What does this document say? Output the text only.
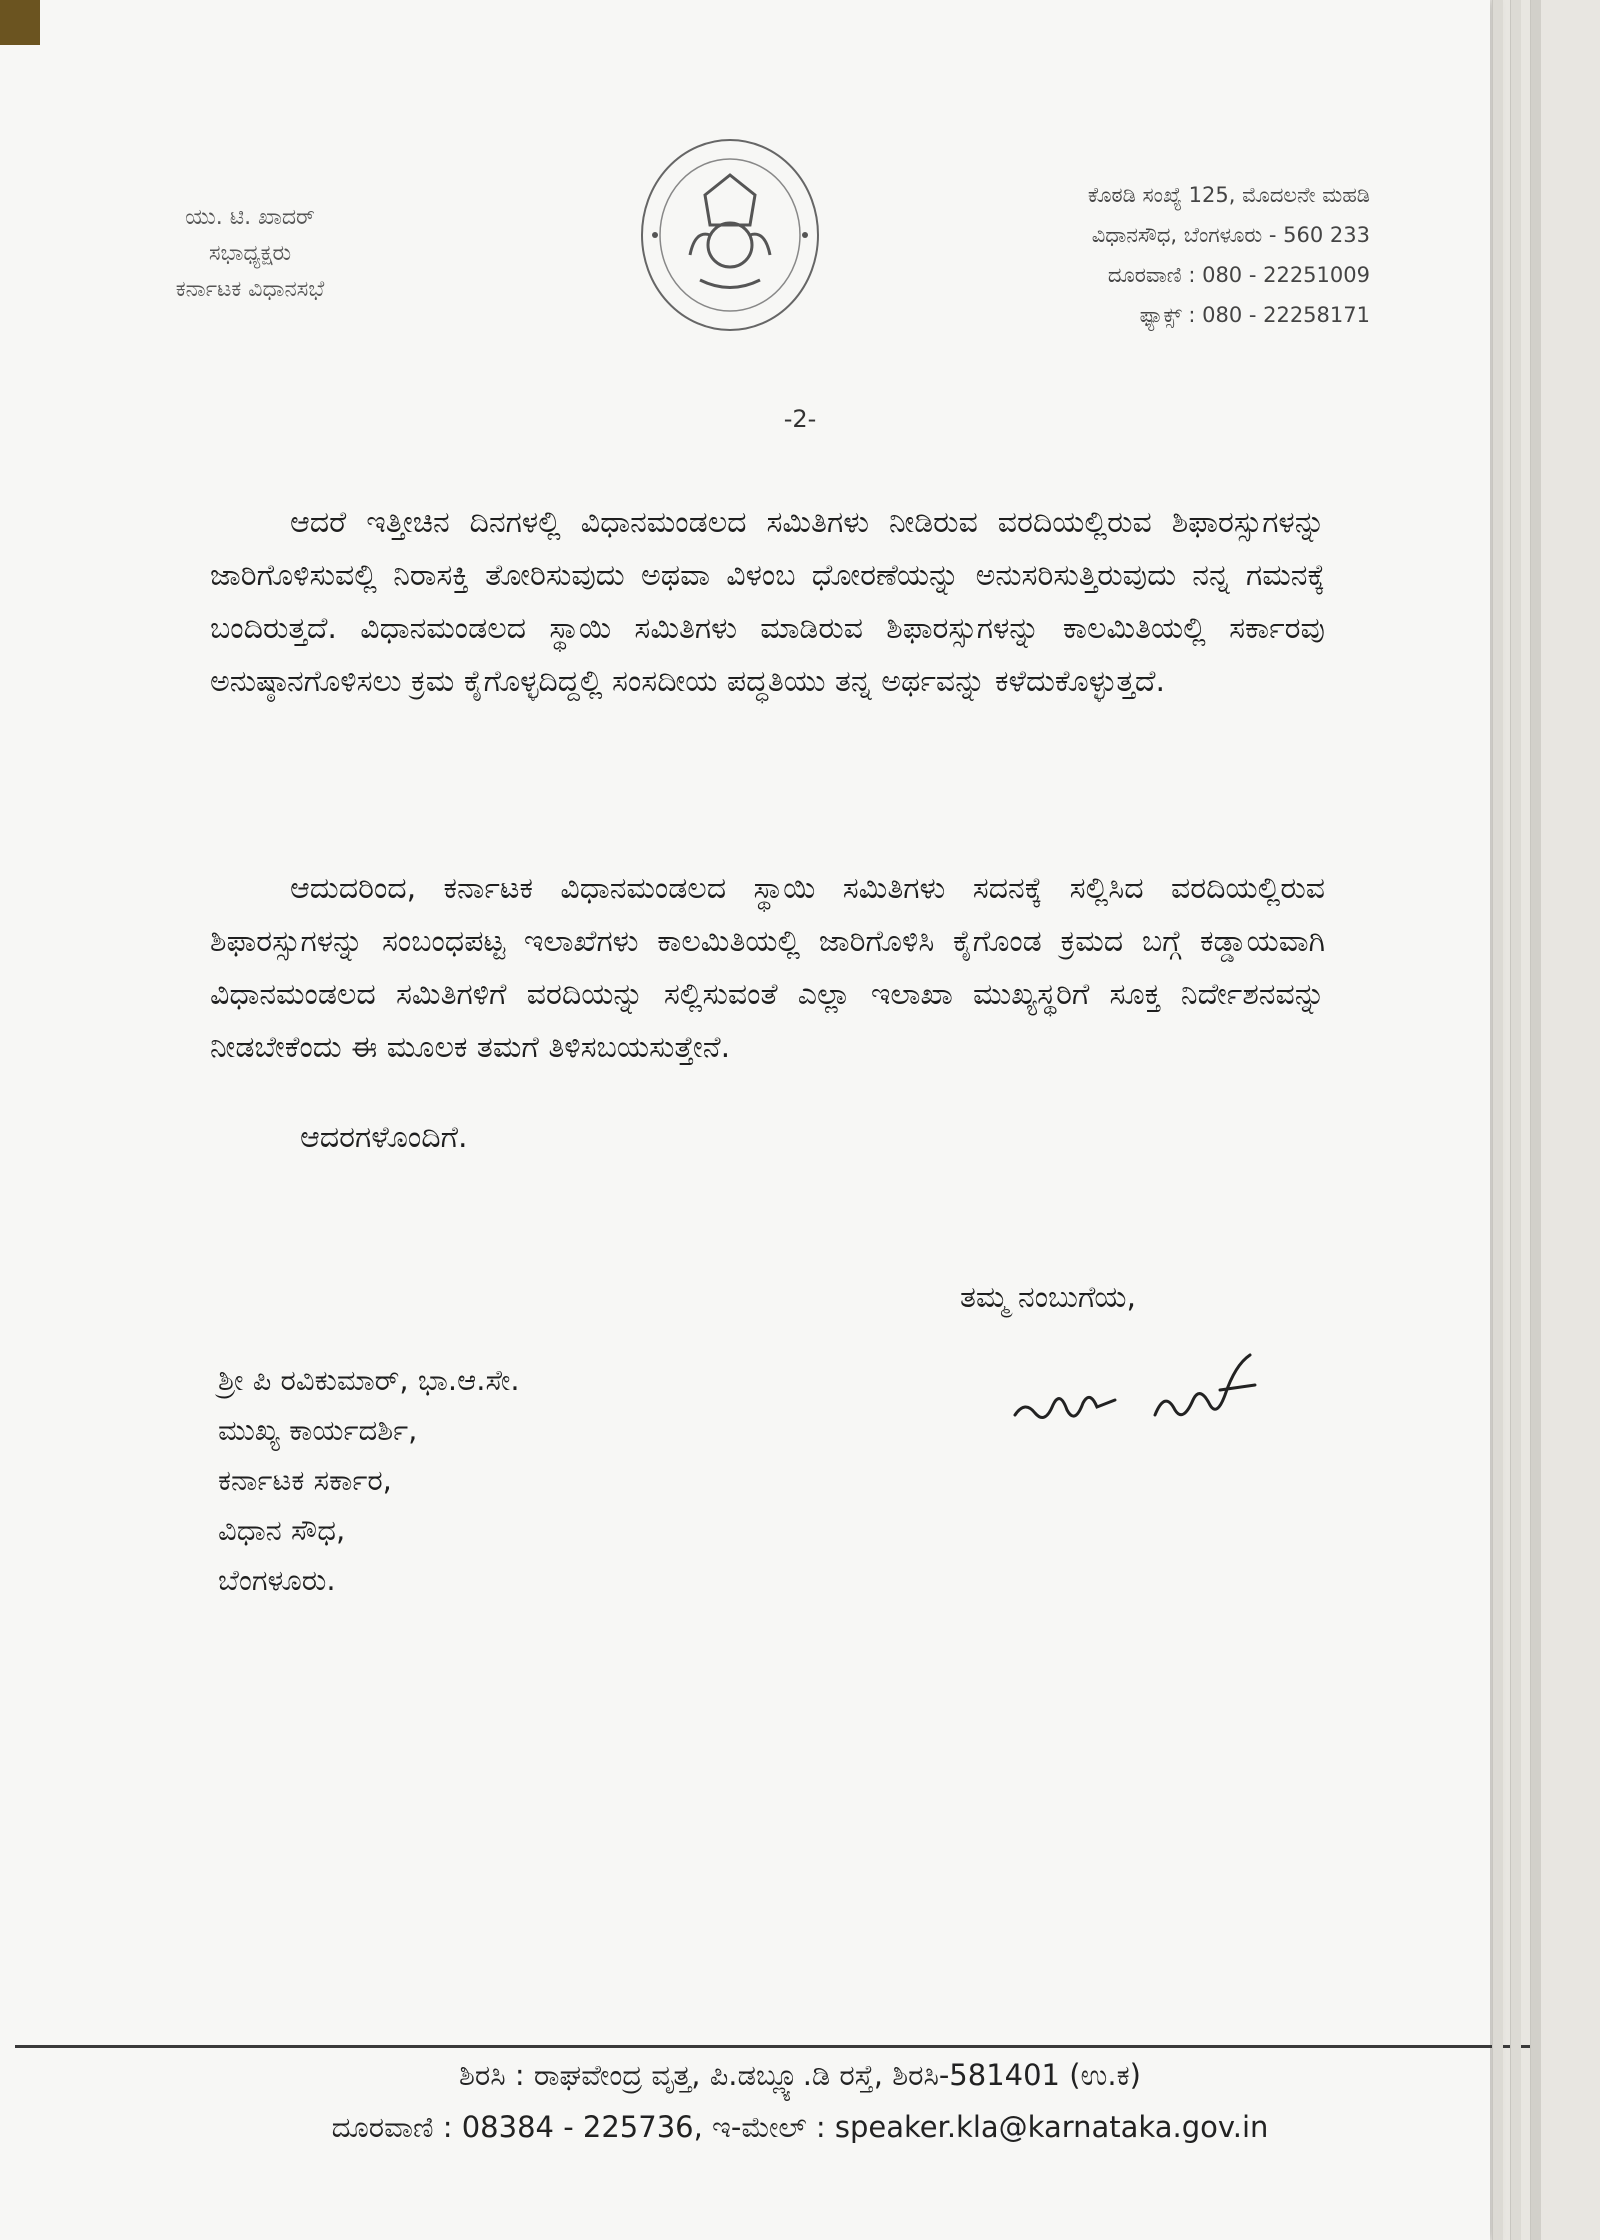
ಯು. ಟಿ. ಖಾದರ್
ಸಭಾಧ್ಯಕ್ಷರು
ಕರ್ನಾಟಕ ವಿಧಾನಸಭೆ
ಕೊಠಡಿ ಸಂಖ್ಯೆ 125, ಮೊದಲನೇ ಮಹಡಿ
ವಿಧಾನಸೌಧ, ಬೆಂಗಳೂರು - 560 233
ದೂರವಾಣಿ : 080 - 22251009
ಫ್ಯಾಕ್ಸ್ : 080 - 22258171
-2-

ಆದರೆ ಇತ್ತೀಚಿನ ದಿನಗಳಲ್ಲಿ ವಿಧಾನಮಂಡಲದ ಸಮಿತಿಗಳು ನೀಡಿರುವ ವರದಿಯಲ್ಲಿರುವ ಶಿಫಾರಸ್ಸುಗಳನ್ನು ಜಾರಿಗೊಳಿಸುವಲ್ಲಿ ನಿರಾಸಕ್ತಿ ತೋರಿಸುವುದು ಅಥವಾ ವಿಳಂಬ ಧೋರಣೆಯನ್ನು ಅನುಸರಿಸುತ್ತಿರುವುದು ನನ್ನ ಗಮನಕ್ಕೆ ಬಂದಿರುತ್ತದೆ. ವಿಧಾನಮಂಡಲದ ಸ್ಥಾಯಿ ಸಮಿತಿಗಳು ಮಾಡಿರುವ ಶಿಫಾರಸ್ಸುಗಳನ್ನು ಕಾಲಮಿತಿಯಲ್ಲಿ ಸರ್ಕಾರವು ಅನುಷ್ಠಾನಗೊಳಿಸಲು ಕ್ರಮ ಕೈಗೊಳ್ಳದಿದ್ದಲ್ಲಿ ಸಂಸದೀಯ ಪದ್ಧತಿಯು ತನ್ನ ಅರ್ಥವನ್ನು ಕಳೆದುಕೊಳ್ಳುತ್ತದೆ.

ಆದುದರಿಂದ, ಕರ್ನಾಟಕ ವಿಧಾನಮಂಡಲದ ಸ್ಥಾಯಿ ಸಮಿತಿಗಳು ಸದನಕ್ಕೆ ಸಲ್ಲಿಸಿದ ವರದಿಯಲ್ಲಿರುವ ಶಿಫಾರಸ್ಸುಗಳನ್ನು ಸಂಬಂಧಪಟ್ಟ ಇಲಾಖೆಗಳು ಕಾಲಮಿತಿಯಲ್ಲಿ ಜಾರಿಗೊಳಿಸಿ ಕೈಗೊಂಡ ಕ್ರಮದ ಬಗ್ಗೆ ಕಡ್ಡಾಯವಾಗಿ ವಿಧಾನಮಂಡಲದ ಸಮಿತಿಗಳಿಗೆ ವರದಿಯನ್ನು ಸಲ್ಲಿಸುವಂತೆ ಎಲ್ಲಾ ಇಲಾಖಾ ಮುಖ್ಯಸ್ಥರಿಗೆ ಸೂಕ್ತ ನಿರ್ದೇಶನವನ್ನು ನೀಡಬೇಕೆಂದು ಈ ಮೂಲಕ ತಮಗೆ ತಿಳಿಸಬಯಸುತ್ತೇನೆ.

ಆದರಗಳೊಂದಿಗೆ.
ತಮ್ಮ ನಂಬುಗೆಯ,
ಶ್ರೀ ಪಿ ರವಿಕುಮಾರ್, ಭಾ.ಆ.ಸೇ.
ಮುಖ್ಯ ಕಾರ್ಯದರ್ಶಿ,
ಕರ್ನಾಟಕ ಸರ್ಕಾರ,
ವಿಧಾನ ಸೌಧ,
ಬೆಂಗಳೂರು.
ಶಿರಸಿ : ರಾಘವೇಂದ್ರ ವೃತ್ತ, ಪಿ.ಡಬ್ಲ್ಯೂ.ಡಿ ರಸ್ತೆ, ಶಿರಸಿ-581401 (ಉ.ಕ)
ದೂರವಾಣಿ : 08384 - 225736, ಇ-ಮೇಲ್ : speaker.kla@karnataka.gov.in
